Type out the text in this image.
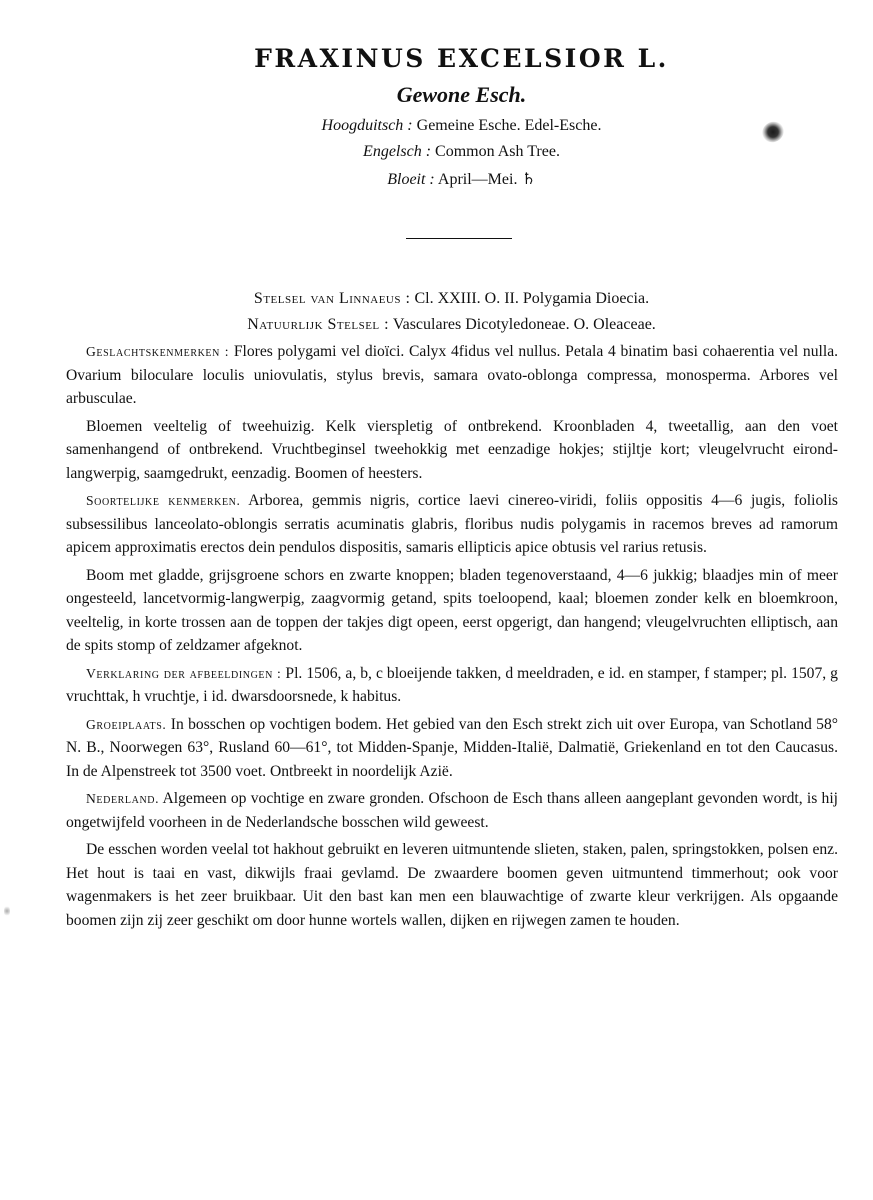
FRAXINUS EXCELSIOR L.
Gewone Esch.
Hoogduitsch : Gemeine Esche. Edel-Esche.
Engelsch : Common Ash Tree.
Bloeit : April—Mei. ♄
Stelsel van Linnaeus : Cl. XXIII. O. II. Polygamia Dioecia.
Natuurlijk Stelsel : Vasculares Dicotyledoneae. O. Oleaceae.

Geslachtskenmerken : Flores polygami vel dioïci. Calyx 4fidus vel nullus. Petala 4 binatim basi cohaerentia vel nulla. Ovarium biloculare loculis uniovulatis, stylus brevis, samara ovato-oblonga compressa, monosperma. Arbores vel arbusculae.

Bloemen veeltelig of tweehuizig. Kelk vierspletig of ontbrekend. Kroonbladen 4, tweetallig, aan den voet samenhangend of ontbrekend. Vruchtbeginsel tweehokkig met eenzadige hokjes; stijltje kort; vleugelvrucht eirond-langwerpig, saamgedrukt, eenzadig. Boomen of heesters.

Soortelijke kenmerken. Arborea, gemmis nigris, cortice laevi cinereo-viridi, foliis oppositis 4—6 jugis, foliolis subsessilibus lanceolato-oblongis serratis acuminatis glabris, floribus nudis polygamis in racemos breves ad ramorum apicem approximatis erectos dein pendulos dispositis, samaris ellipticis apice obtusis vel rarius retusis.

Boom met gladde, grijsgroene schors en zwarte knoppen; bladen tegenoverstaand, 4—6 jukkig; blaadjes min of meer ongesteeld, lancetvormig-langwerpig, zaagvormig getand, spits toeloopend, kaal; bloemen zonder kelk en bloemkroon, veeltelig, in korte trossen aan de toppen der takjes digt opeen, eerst opgerigt, dan hangend; vleugelvruchten elliptisch, aan de spits stomp of zeldzamer afgeknot.

Verklaring der afbeeldingen : Pl. 1506, a, b, c bloeijende takken, d meeldraden, e id. en stamper, f stamper; pl. 1507, g vruchttak, h vruchtje, i id. dwarsdoorsnede, k habitus.

Groeiplaats. In bosschen op vochtigen bodem. Het gebied van den Esch strekt zich uit over Europa, van Schotland 58° N. B., Noorwegen 63°, Rusland 60—61°, tot Midden-Spanje, Midden-Italië, Dalmatië, Griekenland en tot den Caucasus. In de Alpenstreek tot 3500 voet. Ontbreekt in noordelijk Azië.

Nederland. Algemeen op vochtige en zware gronden. Ofschoon de Esch thans alleen aangeplant gevonden wordt, is hij ongetwijfeld voorheen in de Nederlandsche bosschen wild geweest.

De esschen worden veelal tot hakhout gebruikt en leveren uitmuntende slieten, staken, palen, springstokken, polsen enz. Het hout is taai en vast, dikwijls fraai gevlamd. De zwaardere boomen geven uitmuntend timmerhout; ook voor wagenmakers is het zeer bruikbaar. Uit den bast kan men een blauwachtige of zwarte kleur verkrijgen. Als opgaande boomen zijn zij zeer geschikt om door hunne wortels wallen, dijken en rijwegen zamen te houden.
